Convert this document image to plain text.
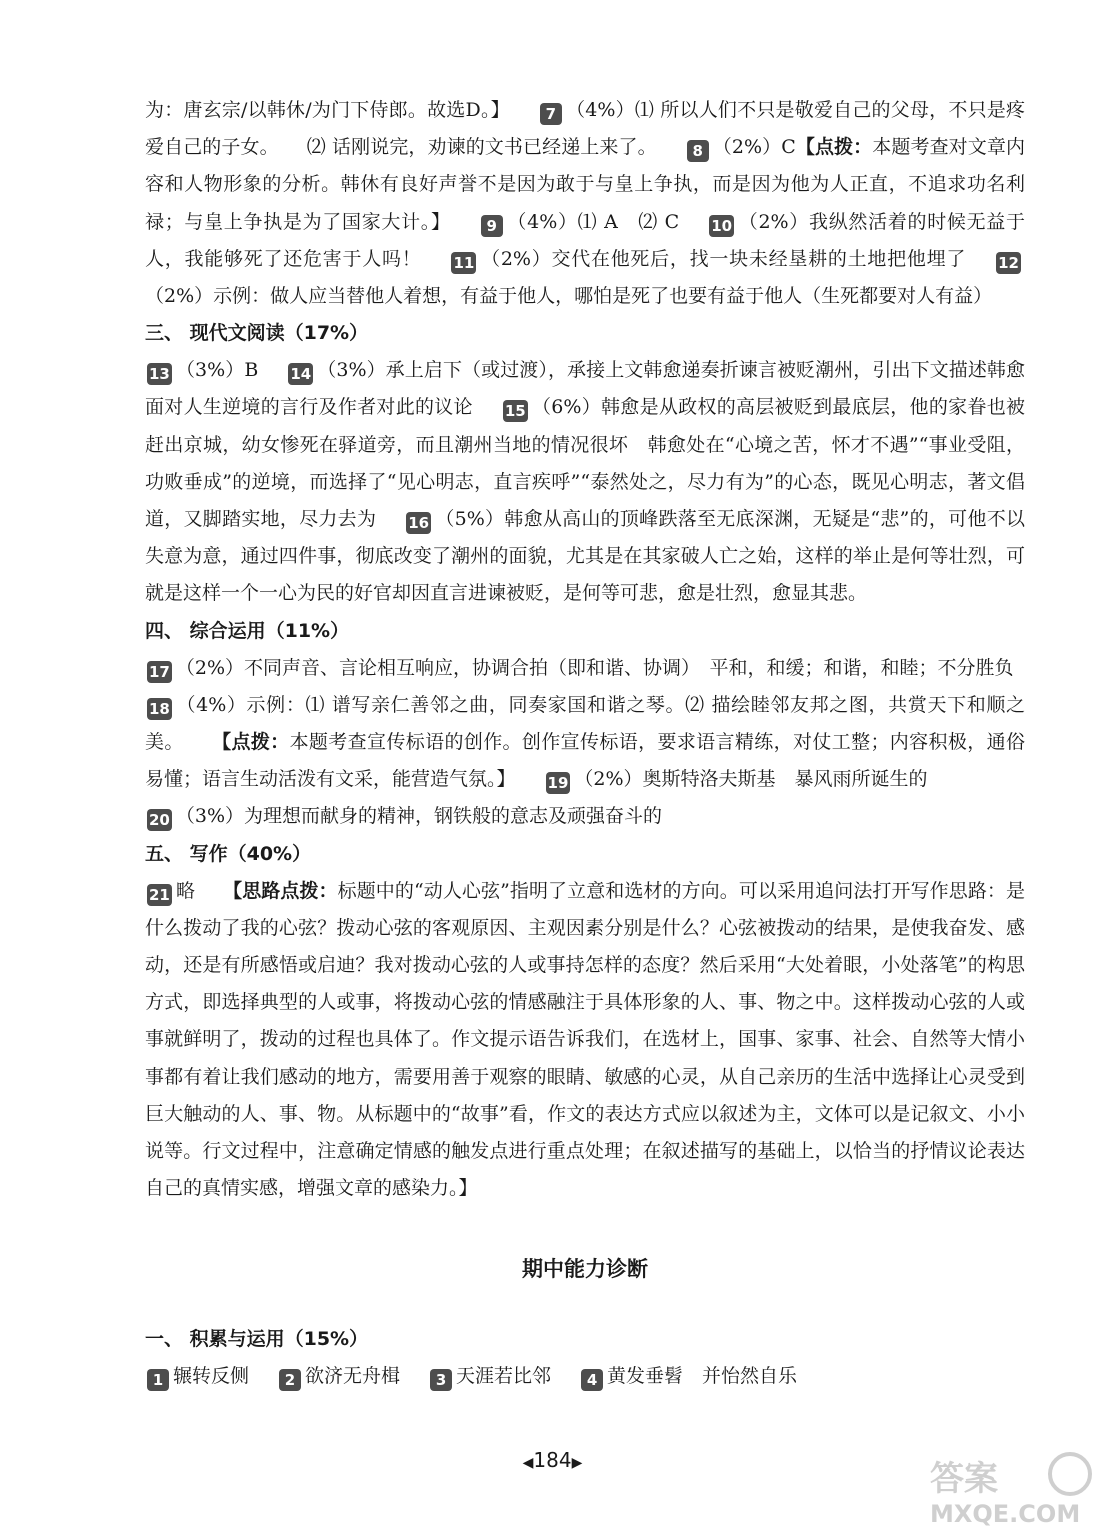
为：唐玄宗/以韩休/为门下侍郎。故选D。】 7 （4%）⑴ 所以人们不只是敬爱自己的父母，不只是疼爱自己的子女。 ⑵ 话刚说完，劝谏的文书已经递上来了。 8 （2%）C【点拨：本题考查对文章内容和人物形象的分析。韩休有良好声誉不是因为敢于与皇上争执，而是因为他为人正直，不追求功名利禄；与皇上争执是为了国家大计。】 9 （4%）⑴ A　⑵ C 10 （2%）我纵然活着的时候无益于人，我能够死了还危害于人吗！ 11 （2%）交代在他死后，找一块未经垦耕的土地把他埋了 12（2%）示例：做人应当替他人着想，有益于他人，哪怕是死了也要有益于他人（生死都要对人有益）

三、 现代文阅读（17%）

13 （3%）B 14 （3%）承上启下（或过渡），承接上文韩愈递奏折谏言被贬潮州，引出下文描述韩愈面对人生逆境的言行及作者对此的议论 15 （6%）韩愈是从政权的高层被贬到最底层，他的家眷也被赶出京城，幼女惨死在驿道旁，而且潮州当地的情况很坏　韩愈处在“心境之苦，怀才不遇”“事业受阻，功败垂成”的逆境，而选择了“见心明志，直言疾呼”“泰然处之，尽力有为”的心态，既见心明志，著文倡道，又脚踏实地，尽力去为 16 （5%）韩愈从高山的顶峰跌落至无底深渊，无疑是“悲”的，可他不以失意为意，通过四件事，彻底改变了潮州的面貌，尤其是在其家破人亡之始，这样的举止是何等壮烈，可就是这样一个一心为民的好官却因直言进谏被贬，是何等可悲，愈是壮烈，愈显其悲。

四、 综合运用（11%）

17 （2%）不同声音、言论相互响应，协调合拍（即和谐、协调）　平和，和缓；和谐，和睦；不分胜负

18 （4%）示例：⑴ 谱写亲仁善邻之曲，同奏家国和谐之琴。⑵ 描绘睦邻友邦之图，共赏天下和顺之美。 【点拨：本题考查宣传标语的创作。创作宣传标语，要求语言精练，对仗工整；内容积极，通俗易懂；语言生动活泼有文采，能营造气氛。】 19 （2%）奥斯特洛夫斯基　暴风雨所诞生的

20 （3%）为理想而献身的精神，钢铁般的意志及顽强奋斗的

五、 写作（40%）

21 略 【思路点拨：标题中的“动人心弦”指明了立意和选材的方向。可以采用追问法打开写作思路：是什么拨动了我的心弦？拨动心弦的客观原因、主观因素分别是什么？心弦被拨动的结果，是使我奋发、感动，还是有所感悟或启迪？我对拨动心弦的人或事持怎样的态度？然后采用“大处着眼，小处落笔”的构思方式，即选择典型的人或事，将拨动心弦的情感融注于具体形象的人、事、物之中。这样拨动心弦的人或事就鲜明了，拨动的过程也具体了。作文提示语告诉我们，在选材上，国事、家事、社会、自然等大情小事都有着让我们感动的地方，需要用善于观察的眼睛、敏感的心灵，从自己亲历的生活中选择让心灵受到巨大触动的人、事、物。从标题中的“故事”看，作文的表达方式应以叙述为主，文体可以是记叙文、小小说等。行文过程中，注意确定情感的触发点进行重点处理；在叙述描写的基础上，以恰当的抒情议论表达自己的真情实感，增强文章的感染力。】

期中能力诊断

一、 积累与运用（15%）

1 辗转反侧 2 欲济无舟楫 3 天涯若比邻 4 黄发垂髫　并怡然自乐

◀184▶	答案
MXQE.COM
